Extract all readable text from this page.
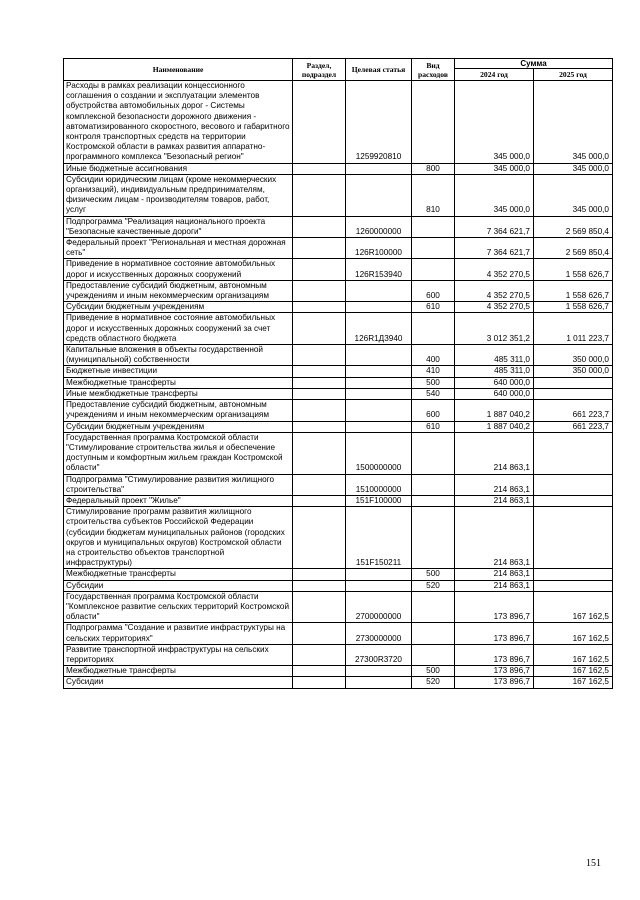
Наименование	Раздел, подраздел	Целевая статья	Вид расходов	Сумма	
				2024 год	2025 год
Расходы в рамках реализации концессионного соглашения о создании и эксплуатации элементов обустройства автомобильных дорог - Системы комплексной безопасности дорожного движения - автоматизированного скоростного, весового и габаритного контроля транспортных средств на территории Костромской области в рамках развития аппаратно-программного комплекса "Безопасный регион"		1259920810		345 000,0	345 000,0
Иные бюджетные ассигнования			800	345 000,0	345 000,0
Субсидии юридическим лицам (кроме некоммерческих организаций), индивидуальным предпринимателям, физическим лицам - производителям товаров, работ, услуг			810	345 000,0	345 000,0
Подпрограмма "Реализация национального проекта "Безопасные качественные дороги"		1260000000		7 364 621,7	2 569 850,4
Федеральный проект "Региональная и местная дорожная сеть"		126R100000		7 364 621,7	2 569 850,4
Приведение в нормативное состояние автомобильных дорог и искусственных дорожных сооружений		126R153940		4 352 270,5	1 558 626,7
Предоставление субсидий бюджетным, автономным учреждениям и иным некоммерческим организациям			600	4 352 270,5	1 558 626,7
Субсидии бюджетным учреждениям			610	4 352 270,5	1 558 626,7
Приведение в нормативное состояние автомобильных дорог и искусственных дорожных сооружений за счет средств областного бюджета		126R1Д3940		3 012 351,2	1 011 223,7
Капитальные вложения в объекты государственной (муниципальной) собственности			400	485 311,0	350 000,0
Бюджетные инвестиции			410	485 311,0	350 000,0
Межбюджетные трансферты			500	640 000,0	
Иные межбюджетные трансферты			540	640 000,0	
Предоставление субсидий бюджетным, автономным учреждениям и иным некоммерческим организациям			600	1 887 040,2	661 223,7
Субсидии бюджетным учреждениям			610	1 887 040,2	661 223,7
Государственная программа Костромской области "Стимулирование строительства жилья и обеспечение доступным и комфортным жильем граждан Костромской области"		1500000000		214 863,1	
Подпрограмма "Стимулирование развития жилищного строительства"		1510000000		214 863,1	
Федеральный проект "Жилье"		151F100000		214 863,1	
Стимулирование программ развития жилищного строительства субъектов Российской Федерации (субсидии бюджетам муниципальных районов (городских округов и муниципальных округов) Костромской области на строительство объектов транспортной инфраструктуры)		151F150211		214 863,1	
Межбюджетные трансферты			500	214 863,1	
Субсидии			520	214 863,1	
Государственная программа Костромской области "Комплексное развитие сельских территорий Костромской области"		2700000000		173 896,7	167 162,5
Подпрограмма "Создание и развитие инфраструктуры на сельских территориях"		2730000000		173 896,7	167 162,5
Развитие транспортной инфраструктуры на сельских территориях		27300R3720		173 896,7	167 162,5
Межбюджетные трансферты			500	173 896,7	167 162,5
Субсидии			520	173 896,7	167 162,5
151
